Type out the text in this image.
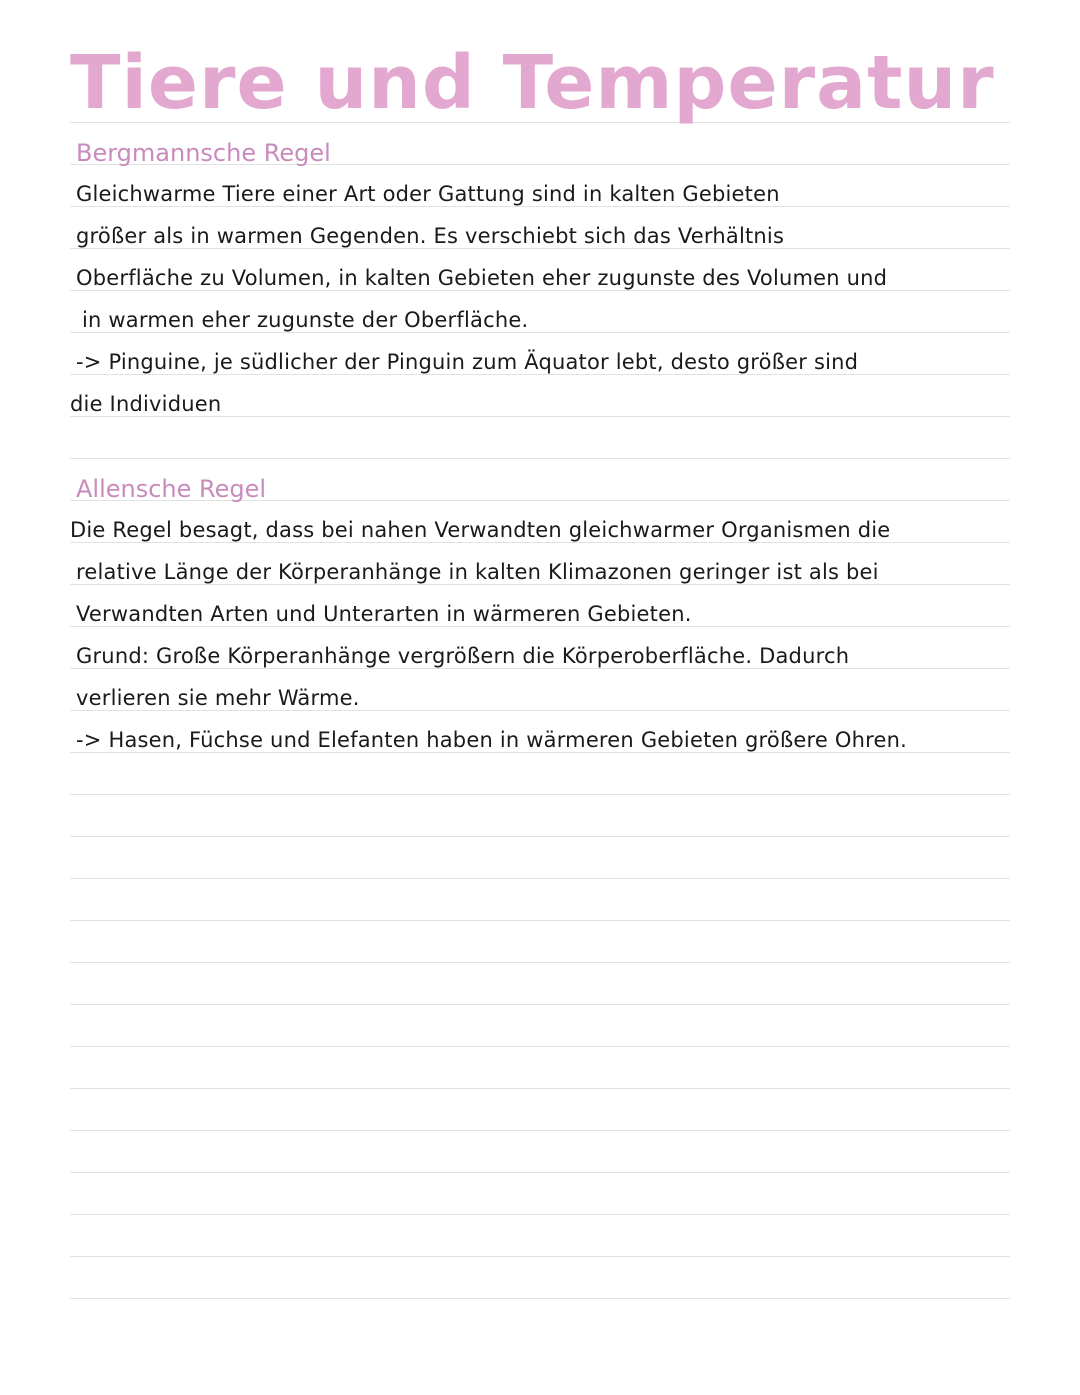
Tiere und Temperatur
Bergmannsche Regel
Gleichwarme Tiere einer Art oder Gattung sind in kalten Gebieten
größer als in warmen Gegenden. Es verschiebt sich das Verhältnis
Oberfläche zu Volumen, in kalten Gebieten eher zugunste des Volumen und
in warmen eher zugunste der Oberfläche.
-> Pinguine, je südlicher der Pinguin zum Äquator lebt, desto größer sind
die Individuen
Allensche Regel
Die Regel besagt, dass bei nahen Verwandten gleichwarmer Organismen die
relative Länge der Körperanhänge in kalten Klimazonen geringer ist als bei
Verwandten Arten und Unterarten in wärmeren Gebieten.
Grund: Große Körperanhänge vergrößern die Körperoberfläche. Dadurch
verlieren sie mehr Wärme.
-> Hasen, Füchse und Elefanten haben in wärmeren Gebieten größere Ohren.
